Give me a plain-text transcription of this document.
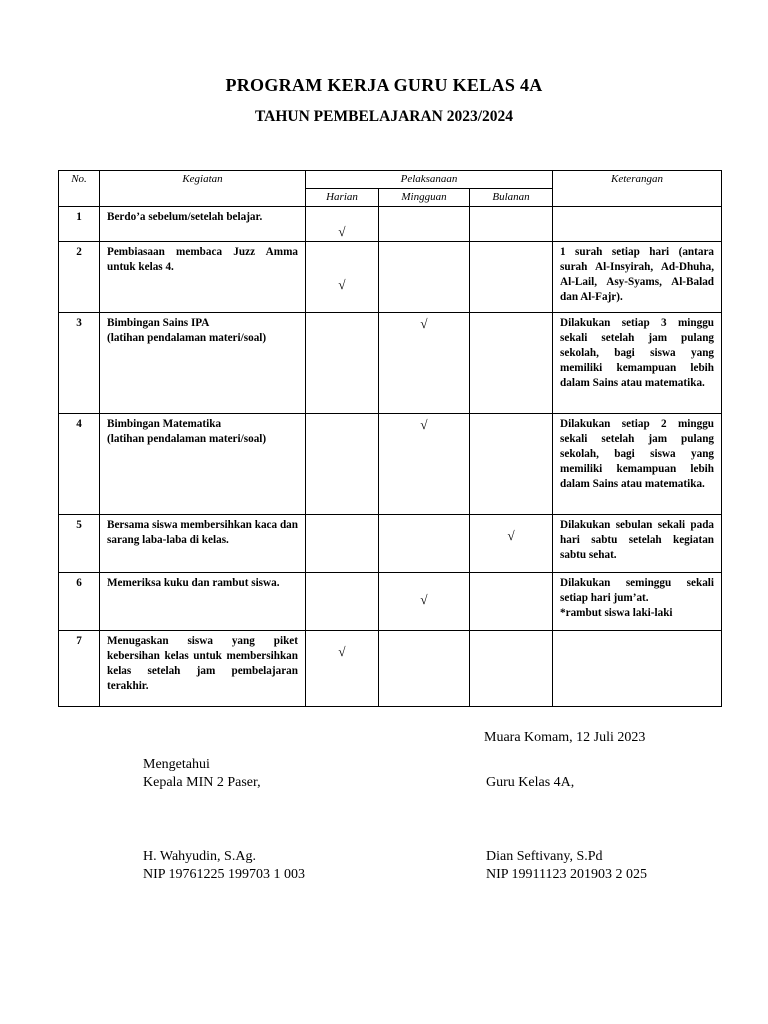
PROGRAM KERJA GURU KELAS 4A
TAHUN PEMBELAJARAN 2023/2024
No.	Kegiatan	Pelaksanaan			Keterangan
		Harian	Mingguan	Bulanan	
1	Berdo’a sebelum/setelah belajar.	√			

2	Pembiasaan membaca Juzz Amma untuk kelas 4.	√			1 surah setiap hari (antara surah Al-Insyirah, Ad-Dhuha, Al-Lail, Asy-Syams, Al-Balad dan Al-Fajr).

3	Bimbingan Sains IPA
(latihan pendalaman materi/soal)		√		Dilakukan setiap 3 minggu sekali setelah jam pulang sekolah, bagi siswa yang memiliki kemampuan lebih dalam Sains atau matematika.

4	Bimbingan Matematika
(latihan pendalaman materi/soal)		√		Dilakukan setiap 2 minggu sekali setelah jam pulang sekolah, bagi siswa yang memiliki kemampuan lebih dalam Sains atau matematika.

5	Bersama siswa membersihkan kaca dan sarang laba-laba di kelas.			√	Dilakukan sebulan sekali pada hari sabtu setelah kegiatan sabtu sehat.

6	Memeriksa kuku dan rambut siswa.		√		Dilakukan seminggu sekali setiap hari jum’at.
*rambut siswa laki-laki

7	Menugaskan siswa yang piket kebersihan kelas untuk membersihkan kelas setelah jam pembelajaran terakhir.	√			

Muara Komam, 12 Juli 2023

Mengetahui

Kepala MIN 2 Paser,	Guru Kelas 4A,

H. Wahyudin, S.Ag.	Dian Seftivany, S.Pd

NIP 19761225 199703 1 003	NIP 19911123 201903 2 025
